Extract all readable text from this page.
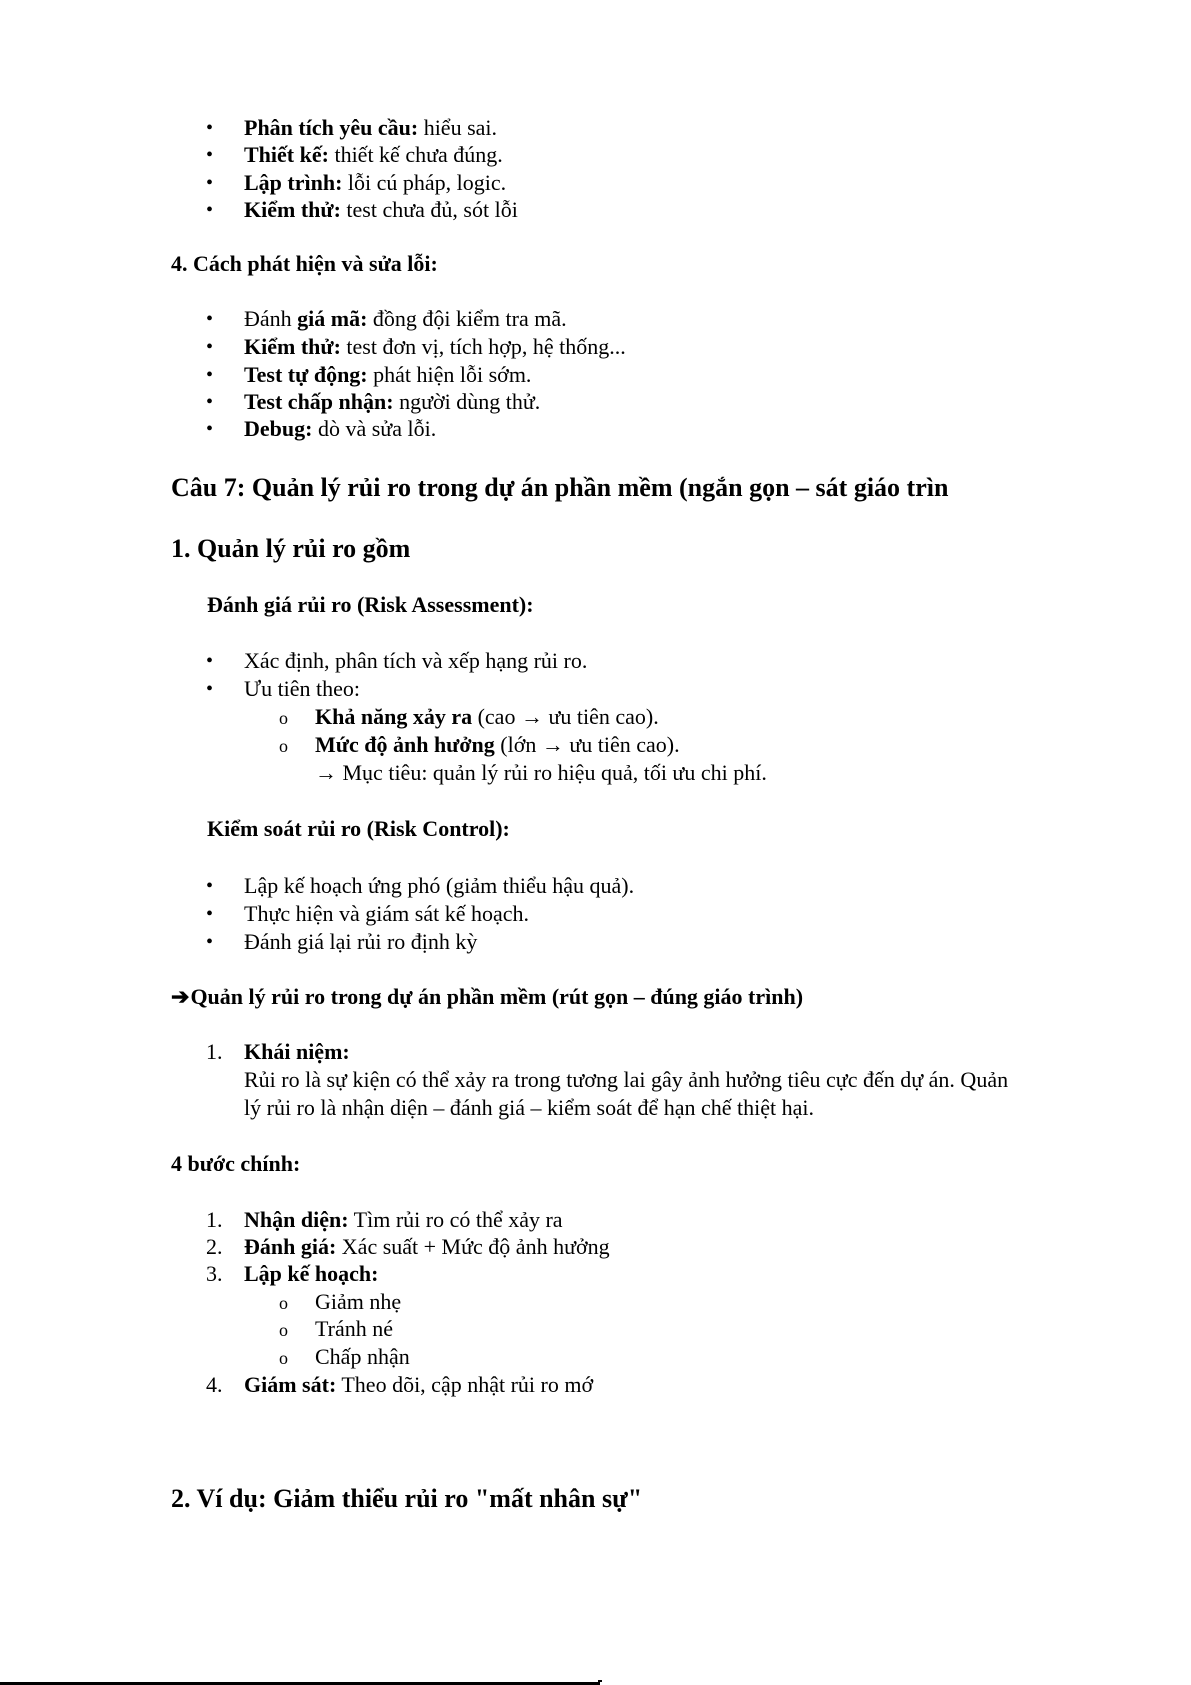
• Phân tích yêu cầu: hiểu sai.
• Thiết kế: thiết kế chưa đúng.
• Lập trình: lỗi cú pháp, logic.
• Kiểm thử: test chưa đủ, sót lỗi
4. Cách phát hiện và sửa lỗi:
• Đánh giá mã: đồng đội kiểm tra mã.
• Kiểm thử: test đơn vị, tích hợp, hệ thống...
• Test tự động: phát hiện lỗi sớm.
• Test chấp nhận: người dùng thử.
• Debug: dò và sửa lỗi.
Câu 7: Quản lý rủi ro trong dự án phần mềm (ngắn gọn – sát giáo trìn
1. Quản lý rủi ro gồm
Đánh giá rủi ro (Risk Assessment):
• Xác định, phân tích và xếp hạng rủi ro.
• Ưu tiên theo:
o Khả năng xảy ra (cao → ưu tiên cao).
o Mức độ ảnh hưởng (lớn → ưu tiên cao).
→ Mục tiêu: quản lý rủi ro hiệu quả, tối ưu chi phí.
Kiểm soát rủi ro (Risk Control):
• Lập kế hoạch ứng phó (giảm thiểu hậu quả).
• Thực hiện và giám sát kế hoạch.
• Đánh giá lại rủi ro định kỳ
➔Quản lý rủi ro trong dự án phần mềm (rút gọn – đúng giáo trình)
1. Khái niệm:
Rủi ro là sự kiện có thể xảy ra trong tương lai gây ảnh hưởng tiêu cực đến dự án. Quản
lý rủi ro là nhận diện – đánh giá – kiểm soát để hạn chế thiệt hại.
4 bước chính:
1. Nhận diện: Tìm rủi ro có thể xảy ra
2. Đánh giá: Xác suất + Mức độ ảnh hưởng
3. Lập kế hoạch:
4. Giám sát: Theo dõi, cập nhật rủi ro mớ
o Giảm nhẹ
o Tránh né
o Chấp nhận
2. Ví dụ: Giảm thiểu rủi ro "mất nhân sự"
